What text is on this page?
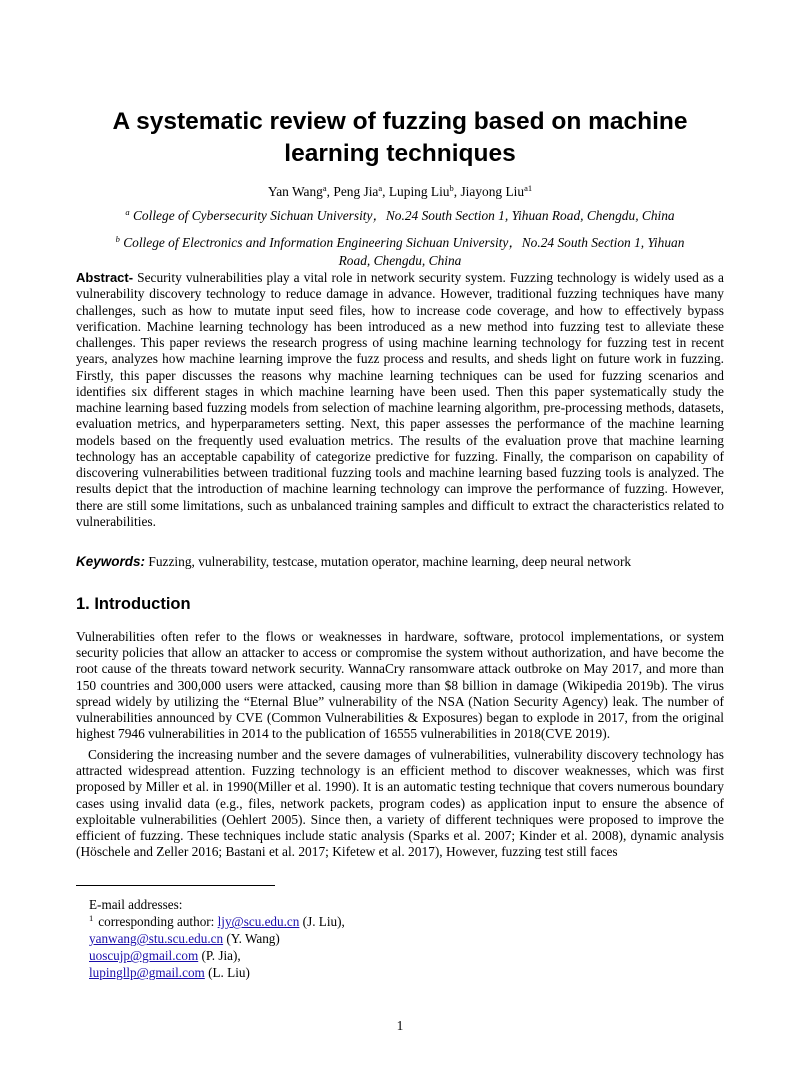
A systematic review of fuzzing based on machine learning techniques
Yan Wang$^a$, Peng Jia$^a$, Luping Liu$^b$, Jiayong Liu$^{a1}$
$^a$ College of Cybersecurity Sichuan University，No.24 South Section 1, Yihuan Road, Chengdu, China
$^b$ College of Electronics and Information Engineering Sichuan University，No.24 South Section 1, Yihuan Road, Chengdu, China
Abstract- Security vulnerabilities play a vital role in network security system. Fuzzing technology is widely used as a vulnerability discovery technology to reduce damage in advance. However, traditional fuzzing techniques have many challenges, such as how to mutate input seed files, how to increase code coverage, and how to effectively bypass verification. Machine learning technology has been introduced as a new method into fuzzing test to alleviate these challenges. This paper reviews the research progress of using machine learning technology for fuzzing test in recent years, analyzes how machine learning improve the fuzz process and results, and sheds light on future work in fuzzing. Firstly, this paper discusses the reasons why machine learning techniques can be used for fuzzing scenarios and identifies six different stages in which machine learning have been used. Then this paper systematically study the machine learning based fuzzing models from selection of machine learning algorithm, pre-processing methods, datasets, evaluation metrics, and hyperparameters setting. Next, this paper assesses the performance of the machine learning models based on the frequently used evaluation metrics. The results of the evaluation prove that machine learning technology has an acceptable capability of categorize predictive for fuzzing. Finally, the comparison on capability of discovering vulnerabilities between traditional fuzzing tools and machine learning based fuzzing tools is analyzed. The results depict that the introduction of machine learning technology can improve the performance of fuzzing. However, there are still some limitations, such as unbalanced training samples and difficult to extract the characteristics related to vulnerabilities.
Keywords: Fuzzing, vulnerability, testcase, mutation operator, machine learning, deep neural network
1. Introduction

Vulnerabilities often refer to the flows or weaknesses in hardware, software, protocol implementations, or system security policies that allow an attacker to access or compromise the system without authorization, and have become the root cause of the threats toward network security. WannaCry ransomware attack outbroke on May 2017, and more than 150 countries and 300,000 users were attacked, causing more than $8 billion in damage (Wikipedia 2019b). The virus spread widely by utilizing the “Eternal Blue” vulnerability of the NSA (Nation Security Agency) leak. The number of vulnerabilities announced by CVE (Common Vulnerabilities & Exposures) began to explode in 2017, from the original highest 7946 vulnerabilities in 2014 to the publication of 16555 vulnerabilities in 2018(CVE 2019).

Considering the increasing number and the severe damages of vulnerabilities, vulnerability discovery technology has attracted widespread attention. Fuzzing technology is an efficient method to discover weaknesses, which was first proposed by Miller et al. in 1990(Miller et al. 1990). It is an automatic testing technique that covers numerous boundary cases using invalid data (e.g., files, network packets, program codes) as application input to ensure the absence of exploitable vulnerabilities (Oehlert 2005). Since then, a variety of different techniques were proposed to improve the efficient of fuzzing. These techniques include static analysis (Sparks et al. 2007; Kinder et al. 2008), dynamic analysis (Höschele and Zeller 2016; Bastani et al. 2017; Kifetew et al. 2017), However, fuzzing test still faces

E-mail addresses:
$^1$ corresponding author: ljy@scu.edu.cn (J. Liu),
yanwang@stu.scu.edu.cn (Y. Wang)
uoscujp@gmail.com (P. Jia),
lupingllp@gmail.com (L. Liu)
1
